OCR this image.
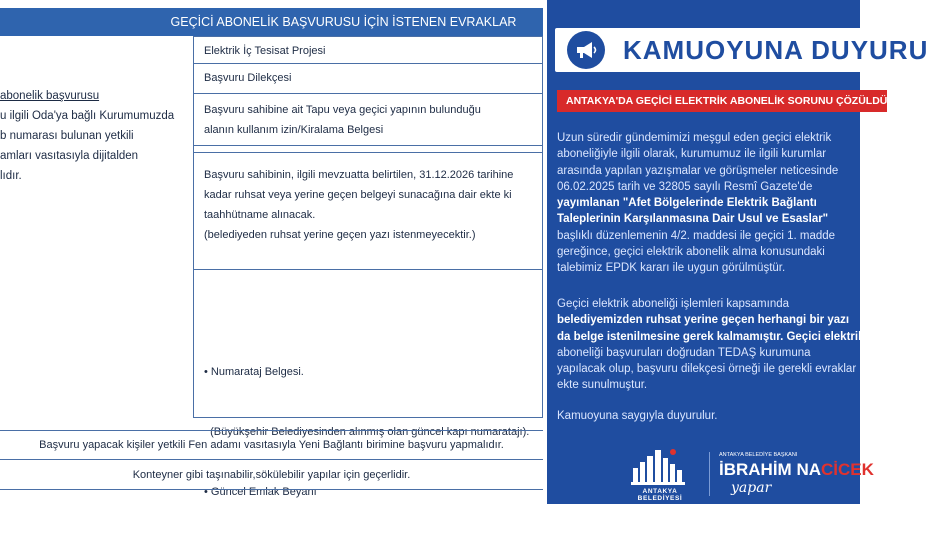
GEÇİCİ ABONELİK BAŞVURUSU İÇİN İSTENEN EVRAKLAR
abonelik başvurusu
u ilgili Oda'ya bağlı Kurumumuzda
b numarası bulunan yetkili
amları vasıtasıyla dijitalden
lıdır.
Elektrik İç Tesisat Projesi
Başvuru Dilekçesi
Başvuru sahibine ait Tapu veya geçici yapının bulunduğu
alanın kullanım izin/Kiralama Belgesi
Başvuru sahibinin, ilgili mevzuatta belirtilen, 31.12.2026 tarihine
kadar ruhsat veya yerine geçen belgeyi sunacağına dair ekte ki
taahhütname alınacak.
(belediyeden ruhsat yerine geçen yazı istenmeyecektir.)

• Numarataj Belgesi.

(Büyükşehir Belediyesinden alınmış olan güncel kapı numaratajı).

• Güncel Emlak Beyanı

Başvuru yapacak kişiler yetkili Fen adamı vasıtasıyla Yeni Bağlantı birimine başvuru yapmalıdır.
Konteyner gibi taşınabilir,sökülebilir yapılar için geçerlidir.
KAMUOYUNA DUYURU
ANTAKYA'DA GEÇİCİ ELEKTRİK ABONELİK SORUNU ÇÖZÜLDÜ
Uzun süredir gündemimizi meşgul eden geçici elektrik
aboneliğiyle ilgili olarak, kurumumuz ile ilgili kurumlar
arasında yapılan yazışmalar ve görüşmeler neticesinde
06.02.2025 tarih ve 32805 sayılı Resmî Gazete'de
yayımlanan "Afet Bölgelerinde Elektrik Bağlantı
Taleplerinin Karşılanmasına Dair Usul ve Esaslar"
başlıklı düzenlemenin 4/2. maddesi ile geçici 1. madde
gereğince, geçici elektrik abonelik alma konusundaki
talebimiz EPDK kararı ile uygun görülmüştür.
Geçici elektrik aboneliği işlemleri kapsamında
belediyemizden ruhsat yerine geçen herhangi bir yazı
da belge istenilmesine gerek kalmamıştır. Geçici elektrik
aboneliği başvuruları doğrudan TEDAŞ kurumuna
yapılacak olup, başvuru dilekçesi örneği ile gerekli evraklar
ekte sunulmuştur.
Kamuoyuna saygıyla duyurulur.
ANTAKYA BELEDİYESİ
ANTAKYA BELEDİYE BAŞKANI
İBRAHİM NACİCEK
yapar
